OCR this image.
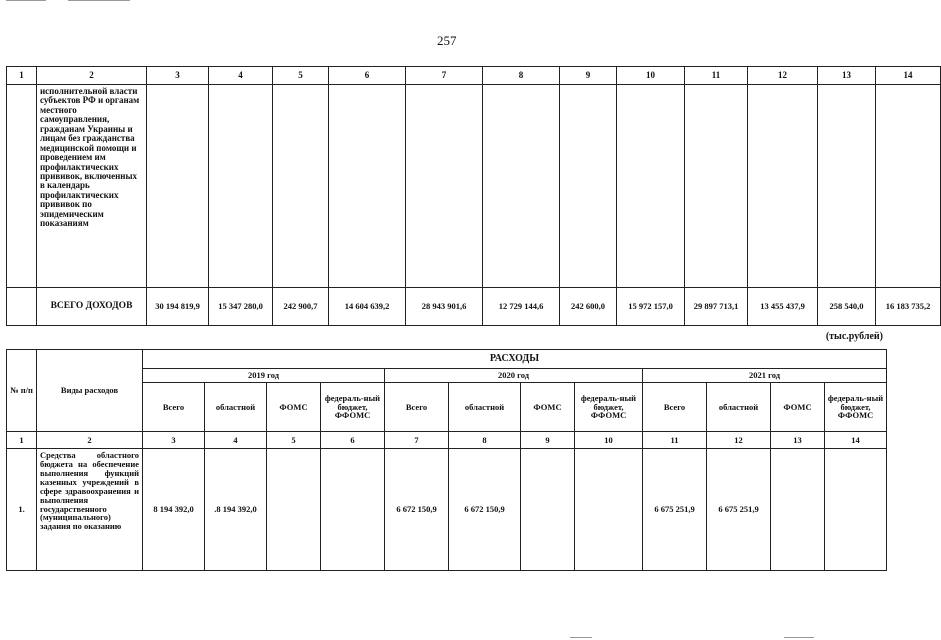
257
1	2	3	4	5	6	7	8	9	10	11	12	13	14
	исполнительной власти субъектов РФ и органам местного самоуправления, гражданам Украины и лицам без гражданства медицинской помощи и проведением им профилактических прививок, включенных в календарь профилактических прививок по эпидемическим показаниям												
	ВСЕГО ДОХОДОВ	30 194 819,9	15 347 280,0	242 900,7	14 604 639,2	28 943 901,6	12 729 144,6	242 600,0	15 972 157,0	29 897 713,1	13 455 437,9	258 540,0	16 183 735,2
(тыс.рублей)
№ п/п	Виды расходов	РАСХОДЫ											
		2019 год				2020 год				2021 год			
		Всего	областной	ФОМС	федераль-ный бюджет, ФФОМС	Всего	областной	ФОМС	федераль-ный бюджет, ФФОМС	Всего	областной	ФОМС	федераль-ный бюджет, ФФОМС
1	2	3	4	5	6	7	8	9	10	11	12	13	14
1.	Средства областного бюджета на обеспечение выполнения функций казенных учреждений в сфере здравоохранения и выполнения государственного (муниципального) задания по оказанию	8 194 392,0	.8 194 392,0			6 672 150,9	6 672 150,9			6 675 251,9	6 675 251,9		
